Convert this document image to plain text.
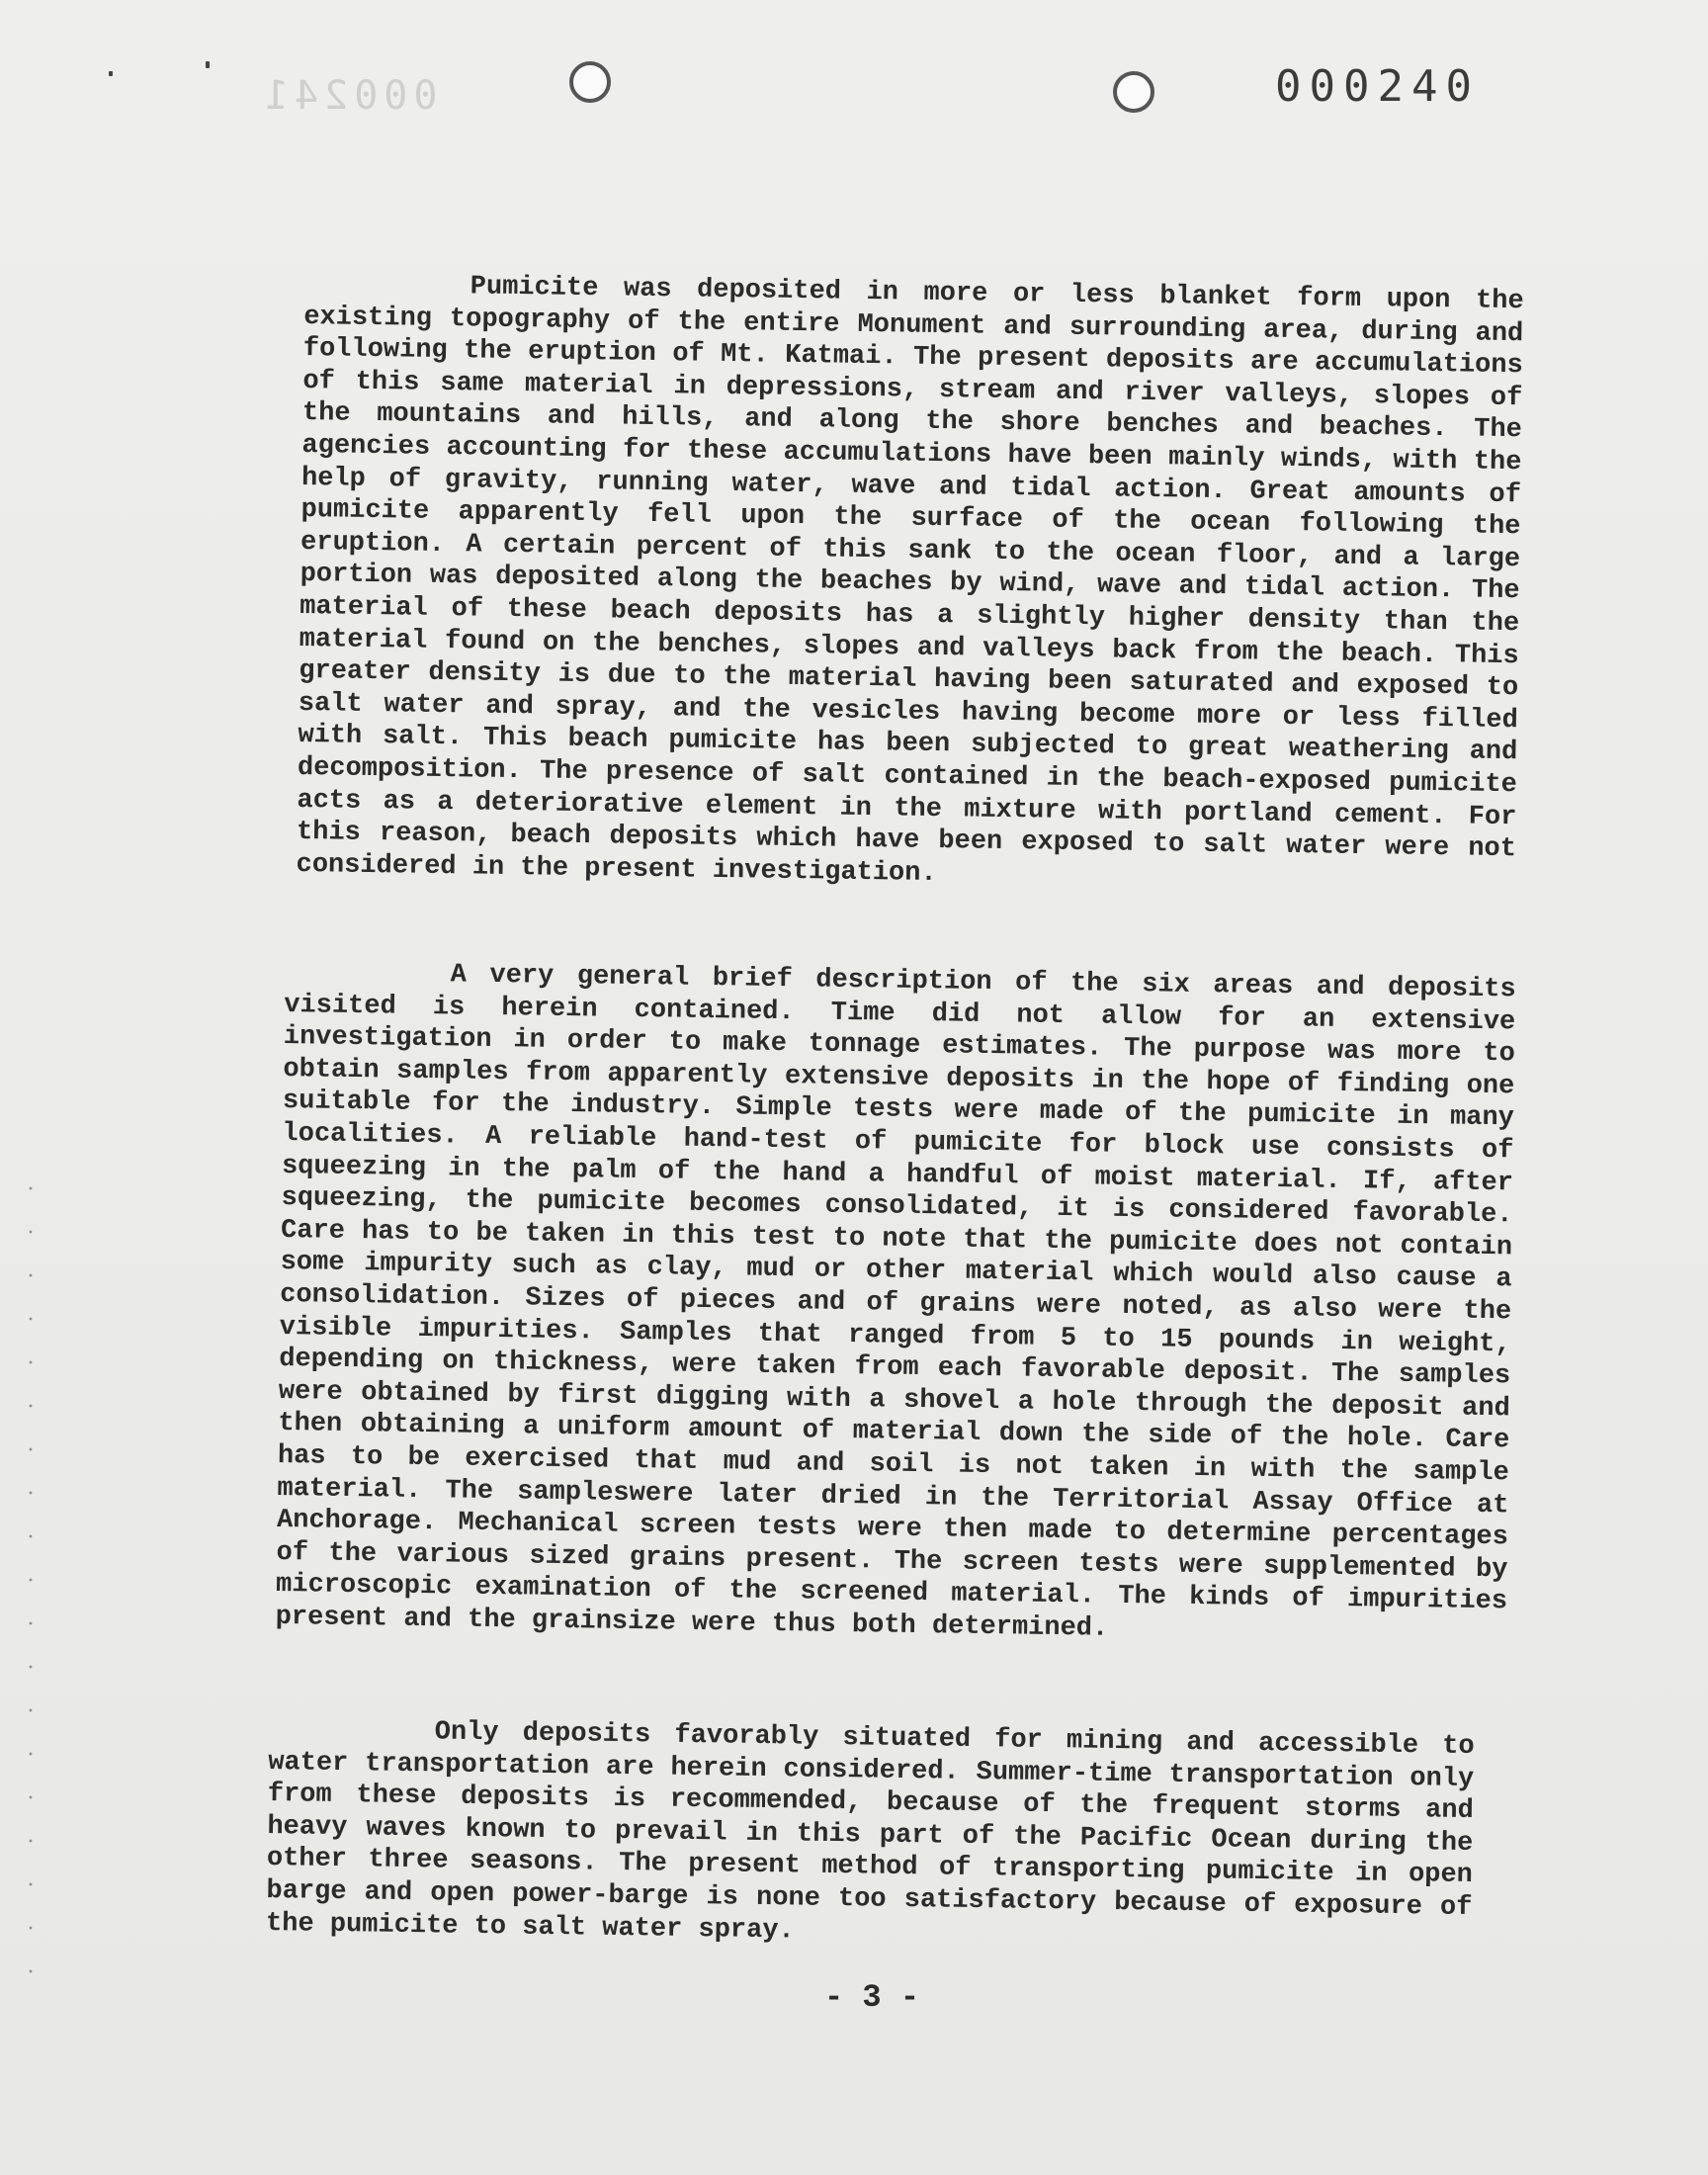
000241	000240

Pumicite was deposited in more or less blanket form upon the existing topography of the entire Monument and surrounding area, during and following the eruption of Mt. Katmai. The present deposits are accumulations of this same material in depressions, stream and river valleys, slopes of the mountains and hills, and along the shore benches and beaches. The agencies accounting for these accumulations have been mainly winds, with the help of gravity, running water, wave and tidal action. Great amounts of pumicite apparently fell upon the surface of the ocean following the eruption. A certain percent of this sank to the ocean floor, and a large portion was deposited along the beaches by wind, wave and tidal action. The material of these beach deposits has a slightly higher density than the material found on the benches, slopes and valleys back from the beach. This greater density is due to the material having been saturated and exposed to salt water and spray, and the vesicles having become more or less filled with salt. This beach pumicite has been subjected to great weathering and decomposition. The presence of salt contained in the beach-exposed pumicite acts as a deteriorative element in the mixture with portland cement. For this reason, beach deposits which have been exposed to salt water were not considered in the present investigation.

A very general brief description of the six areas and deposits visited is herein contained. Time did not allow for an extensive investigation in order to make tonnage estimates. The purpose was more to obtain samples from apparently extensive deposits in the hope of finding one suitable for the industry. Simple tests were made of the pumicite in many localities. A reliable hand-test of pumicite for block use consists of squeezing in the palm of the hand a handful of moist material. If, after squeezing, the pumicite becomes consolidated, it is considered favorable. Care has to be taken in this test to note that the pumicite does not contain some impurity such as clay, mud or other material which would also cause a consolidation. Sizes of pieces and of grains were noted, as also were the visible impurities. Samples that ranged from 5 to 15 pounds in weight, depending on thickness, were taken from each favorable deposit. The samples were obtained by first digging with a shovel a hole through the deposit and then obtaining a uniform amount of material down the side of the hole. Care has to be exercised that mud and soil is not taken in with the sample material. The sampleswere later dried in the Territorial Assay Office at Anchorage. Mechanical screen tests were then made to determine percentages of the various sized grains present. The screen tests were supplemented by microscopic examination of the screened material. The kinds of impurities present and the grainsize were thus both determined.

Only deposits favorably situated for mining and accessible to water transportation are herein considered. Summer-time transportation only from these deposits is recommended, because of the frequent storms and heavy waves known to prevail in this part of the Pacific Ocean during the other three seasons. The present method of transporting pumicite in open barge and open power-barge is none too satisfactory because of exposure of the pumicite to salt water spray.

- 3 -
